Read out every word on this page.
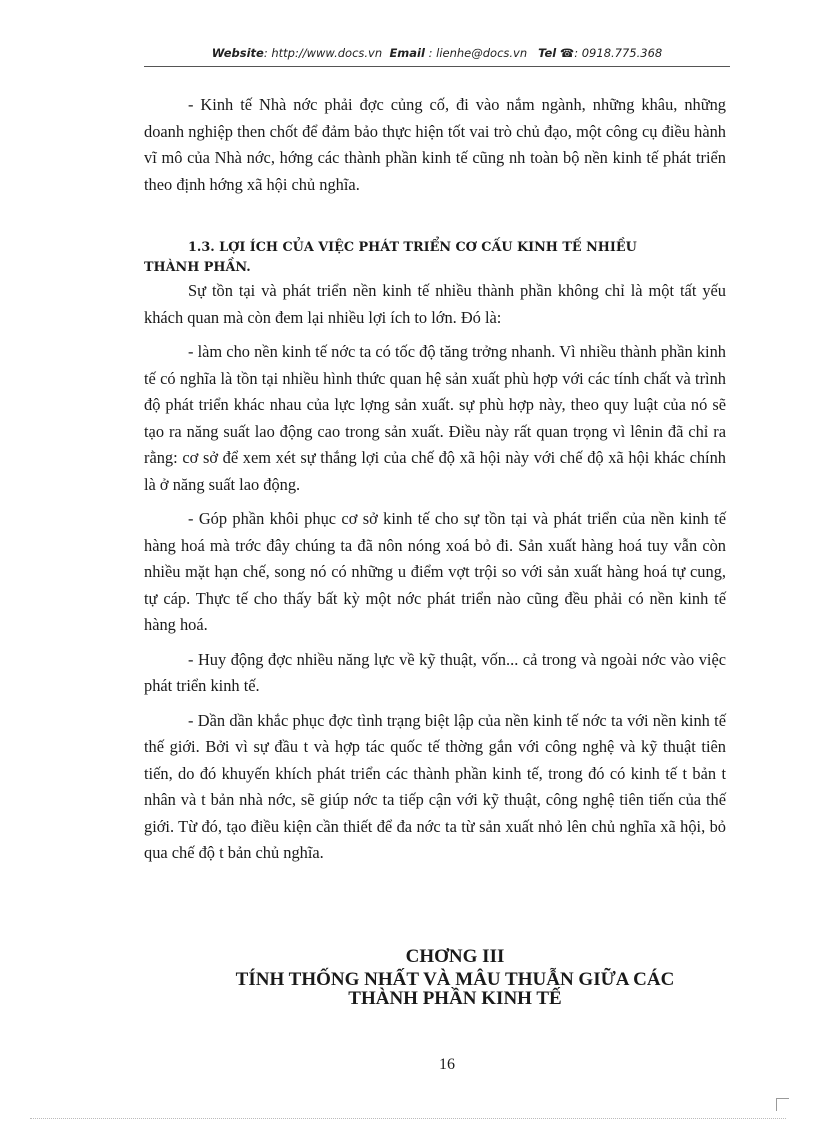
Website: http://www.docs.vn Email : lienhe@docs.vn Tel ☎: 0918.775.368

- Kinh tế Nhà nớc phải đợc củng cố, đi vào nắm ngành, những khâu, những doanh nghiệp then chốt để đảm bảo thực hiện tốt vai trò chủ đạo, một công cụ điều hành vĩ mô của Nhà nớc, hớng các thành phần kinh tế cũng nh toàn bộ nền kinh tế phát triển theo định hớng xã hội chủ nghĩa.

1.3. LỢI ÍCH CỦA VIỆC PHÁT TRIỂN CƠ CẤU KINH TẾ NHIỀU
THÀNH PHẦN.

Sự tồn tại và phát triển nền kinh tế nhiều thành phần không chỉ là một tất yếu khách quan mà còn đem lại nhiều lợi ích to lớn. Đó là:

- làm cho nền kinh tế nớc ta có tốc độ tăng trởng nhanh. Vì nhiều thành phần kinh tế có nghĩa là tồn tại nhiều hình thức quan hệ sản xuất phù hợp với các tính chất và trình độ phát triển khác nhau của lực lợng sản xuất. sự phù hợp này, theo quy luật của nó sẽ tạo ra năng suất lao động cao trong sản xuất. Điều này rất quan trọng vì lênin đã chỉ ra rằng: cơ sở để xem xét sự thắng lợi của chế độ xã hội này với chế độ xã hội khác chính là ở năng suất lao động.

- Góp phần khôi phục cơ sở kinh tế cho sự tồn tại và phát triển của nền kinh tế hàng hoá mà trớc đây chúng ta đã nôn nóng xoá bỏ đi. Sản xuất hàng hoá tuy vẫn còn nhiều mặt hạn chế, song nó có những u điểm vợt trội so với sản xuất hàng hoá tự cung, tự cáp. Thực tế cho thấy bất kỳ một nớc phát triển nào cũng đều phải có nền kinh tế hàng hoá.

- Huy động đợc nhiều năng lực về kỹ thuật, vốn... cả trong và ngoài nớc vào việc phát triển kinh tế.

- Dần dần khắc phục đợc tình trạng biệt lập của nền kinh tế nớc ta với nền kinh tế thế giới. Bởi vì sự đầu t và hợp tác quốc tế thờng gắn với công nghệ và kỹ thuật tiên tiến, do đó khuyến khích phát triển các thành phần kinh tế, trong đó có kinh tế t bản t nhân và t bản nhà nớc, sẽ giúp nớc ta tiếp cận với kỹ thuật, công nghệ tiên tiến của thế giới. Từ đó, tạo điều kiện cần thiết để đa nớc ta từ sản xuất nhỏ lên chủ nghĩa xã hội, bỏ qua chế độ t bản chủ nghĩa.

CHƠNG III
TÍNH THỐNG NHẤT VÀ MÂU THUẪN GIỮA CÁC
THÀNH PHẦN KINH TẾ
16
